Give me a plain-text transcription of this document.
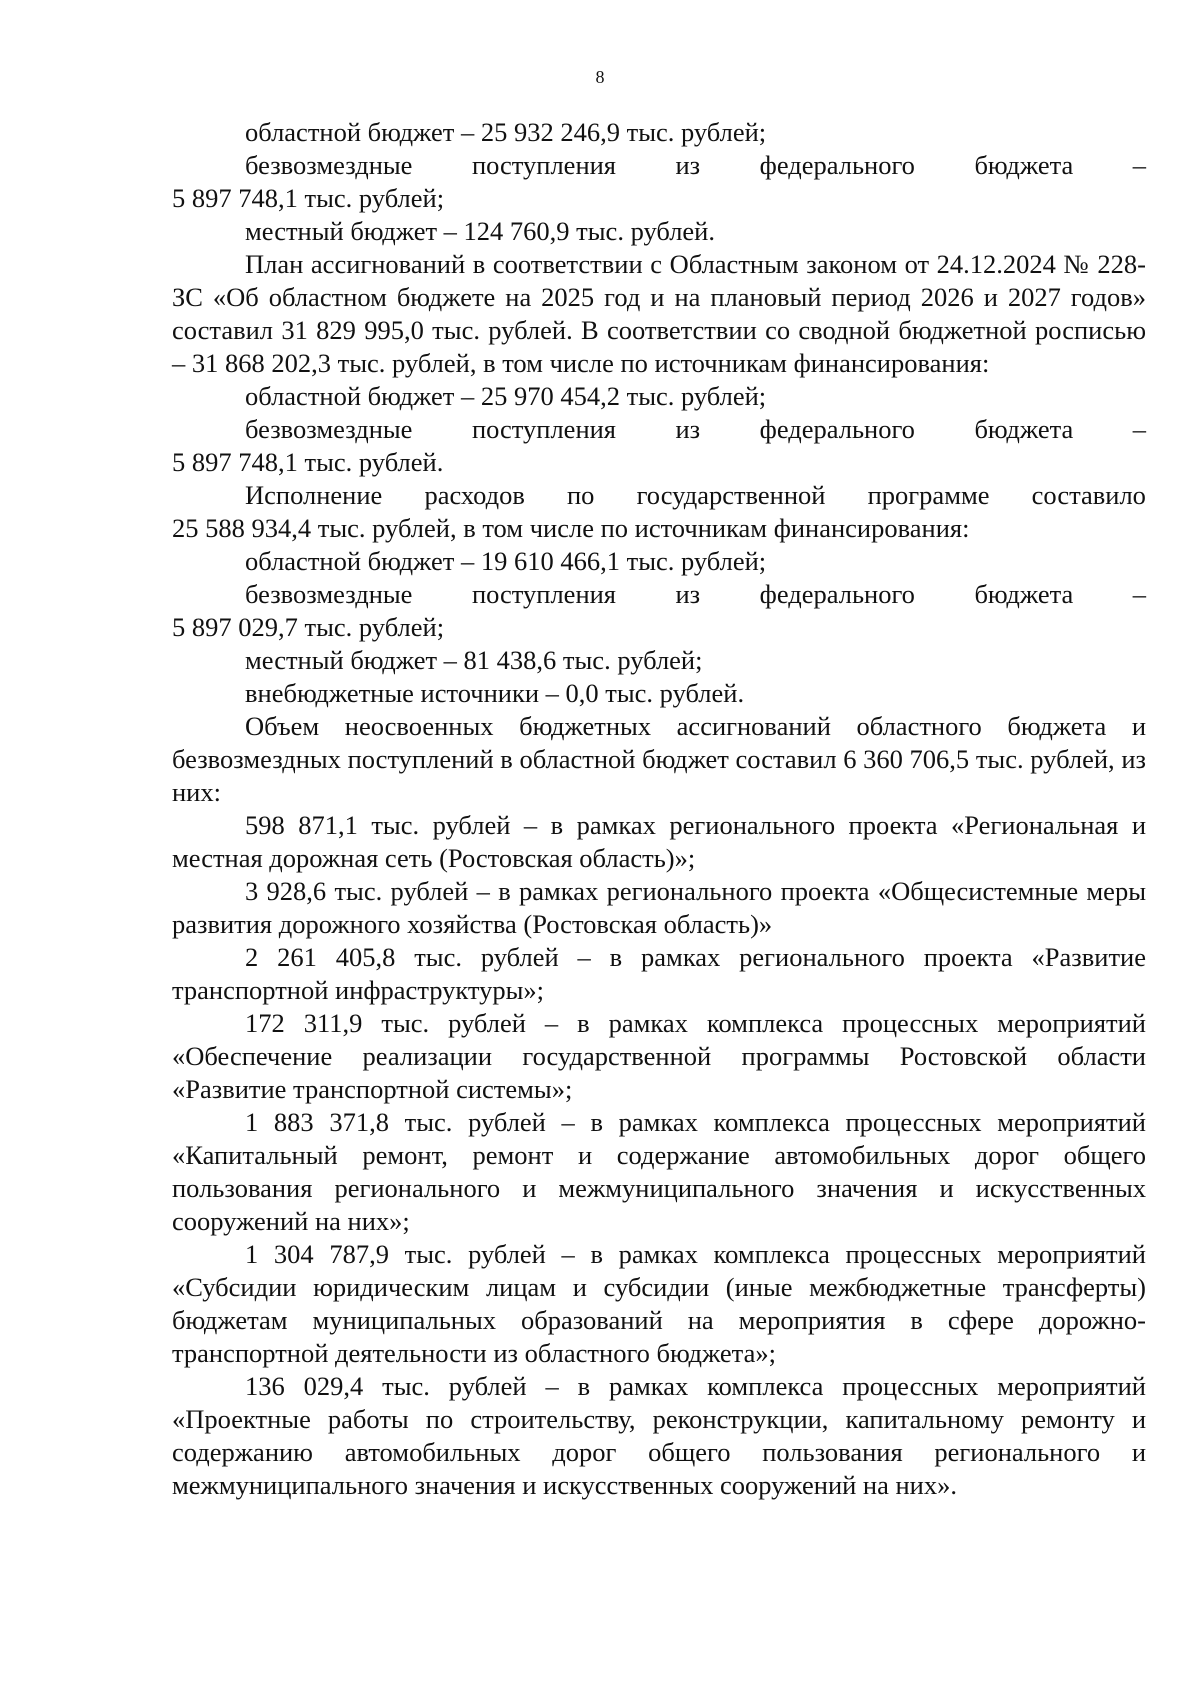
8

областной бюджет – 25 932 246,9 тыс. рублей;

безвозмездные поступления из федерального бюджета –

5 897 748,1 тыс. рублей;

местный бюджет – 124 760,9 тыс. рублей.

План ассигнований в соответствии с Областным законом от 24.12.2024 № 228-ЗС «Об областном бюджете на 2025 год и на плановый период 2026 и 2027 годов» составил 31 829 995,0 тыс. рублей. В соответствии со сводной бюджетной росписью – 31 868 202,3 тыс. рублей, в том числе по источникам финансирования:

областной бюджет – 25 970 454,2 тыс. рублей;

безвозмездные поступления из федерального бюджета –

5 897 748,1 тыс. рублей.

Исполнение расходов по государственной программе составило

25 588 934,4 тыс. рублей, в том числе по источникам финансирования:

областной бюджет – 19 610 466,1 тыс. рублей;

безвозмездные поступления из федерального бюджета –

5 897 029,7 тыс. рублей;

местный бюджет – 81 438,6 тыс. рублей;

внебюджетные источники – 0,0 тыс. рублей.

Объем неосвоенных бюджетных ассигнований областного бюджета и безвозмездных поступлений в областной бюджет составил 6 360 706,5 тыс. рублей, из них:

598 871,1 тыс. рублей – в рамках регионального проекта «Региональная и местная дорожная сеть (Ростовская область)»;

3 928,6 тыс. рублей – в рамках регионального проекта «Общесистемные меры развития дорожного хозяйства (Ростовская область)»

2 261 405,8 тыс. рублей – в рамках регионального проекта «Развитие транспортной инфраструктуры»;

172 311,9 тыс. рублей – в рамках комплекса процессных мероприятий «Обеспечение реализации государственной программы Ростовской области «Развитие транспортной системы»;

1 883 371,8 тыс. рублей – в рамках комплекса процессных мероприятий «Капитальный ремонт, ремонт и содержание автомобильных дорог общего пользования регионального и межмуниципального значения и искусственных сооружений на них»;

1 304 787,9 тыс. рублей – в рамках комплекса процессных мероприятий «Субсидии юридическим лицам и субсидии (иные межбюджетные трансферты) бюджетам муниципальных образований на мероприятия в сфере дорожно-транспортной деятельности из областного бюджета»;

136 029,4 тыс. рублей – в рамках комплекса процессных мероприятий «Проектные работы по строительству, реконструкции, капитальному ремонту и содержанию автомобильных дорог общего пользования регионального и межмуниципального значения и искусственных сооружений на них».
